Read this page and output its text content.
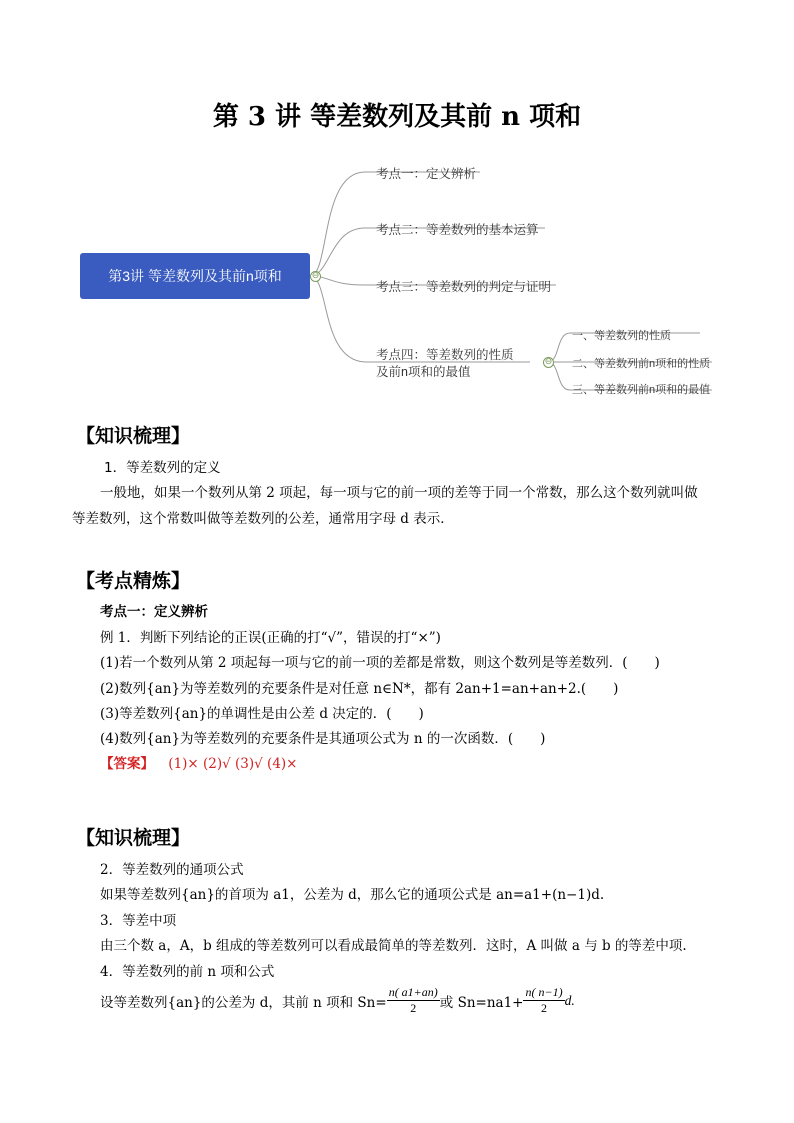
第 3 讲 等差数列及其前 n 项和
第3讲 等差数列及其前n项和	⊖
考点一：定义辨析
考点二：等差数列的基本运算
考点三：等差数列的判定与证明
考点四：等差数列的性质
及前n项和的最值
⊖
一、等差数列的性质
二、等差数列前n项和的性质
三、等差数列前n项和的最值
【知识梳理】
1．等差数列的定义
一般地，如果一个数列从第 2 项起，每一项与它的前一项的差等于同一个常数，那么这个数列就叫做
等差数列，这个常数叫做等差数列的公差，通常用字母 d 表示．
【考点精炼】
考点一：定义辨析
例 1．判断下列结论的正误(正确的打“√”，错误的打“×”)
(1)若一个数列从第 2 项起每一项与它的前一项的差都是常数，则这个数列是等差数列．(　　)
(2)数列{an}为等差数列的充要条件是对任意 n∈N*，都有 2an+1=an+an+2.(　　)
(3)等差数列{an}的单调性是由公差 d 决定的．(　　)
(4)数列{an}为等差数列的充要条件是其通项公式为 n 的一次函数．(　　)
【答案】 (1)× (2)√ (3)√ (4)×
【知识梳理】
2．等差数列的通项公式
如果等差数列{an}的首项为 a1，公差为 d，那么它的通项公式是 an=a1+(n−1)d.
3．等差中项
由三个数 a，A，b 组成的等差数列可以看成最简单的等差数列．这时，A 叫做 a 与 b 的等差中项.
4．等差数列的前 n 项和公式
设等差数列{an}的公差为 d，其前 n 项和 $Sn= \frac{n( a1+an)}{2}$ 或 $Sn=na1+ \frac{n( n-1)}{2} d$.
